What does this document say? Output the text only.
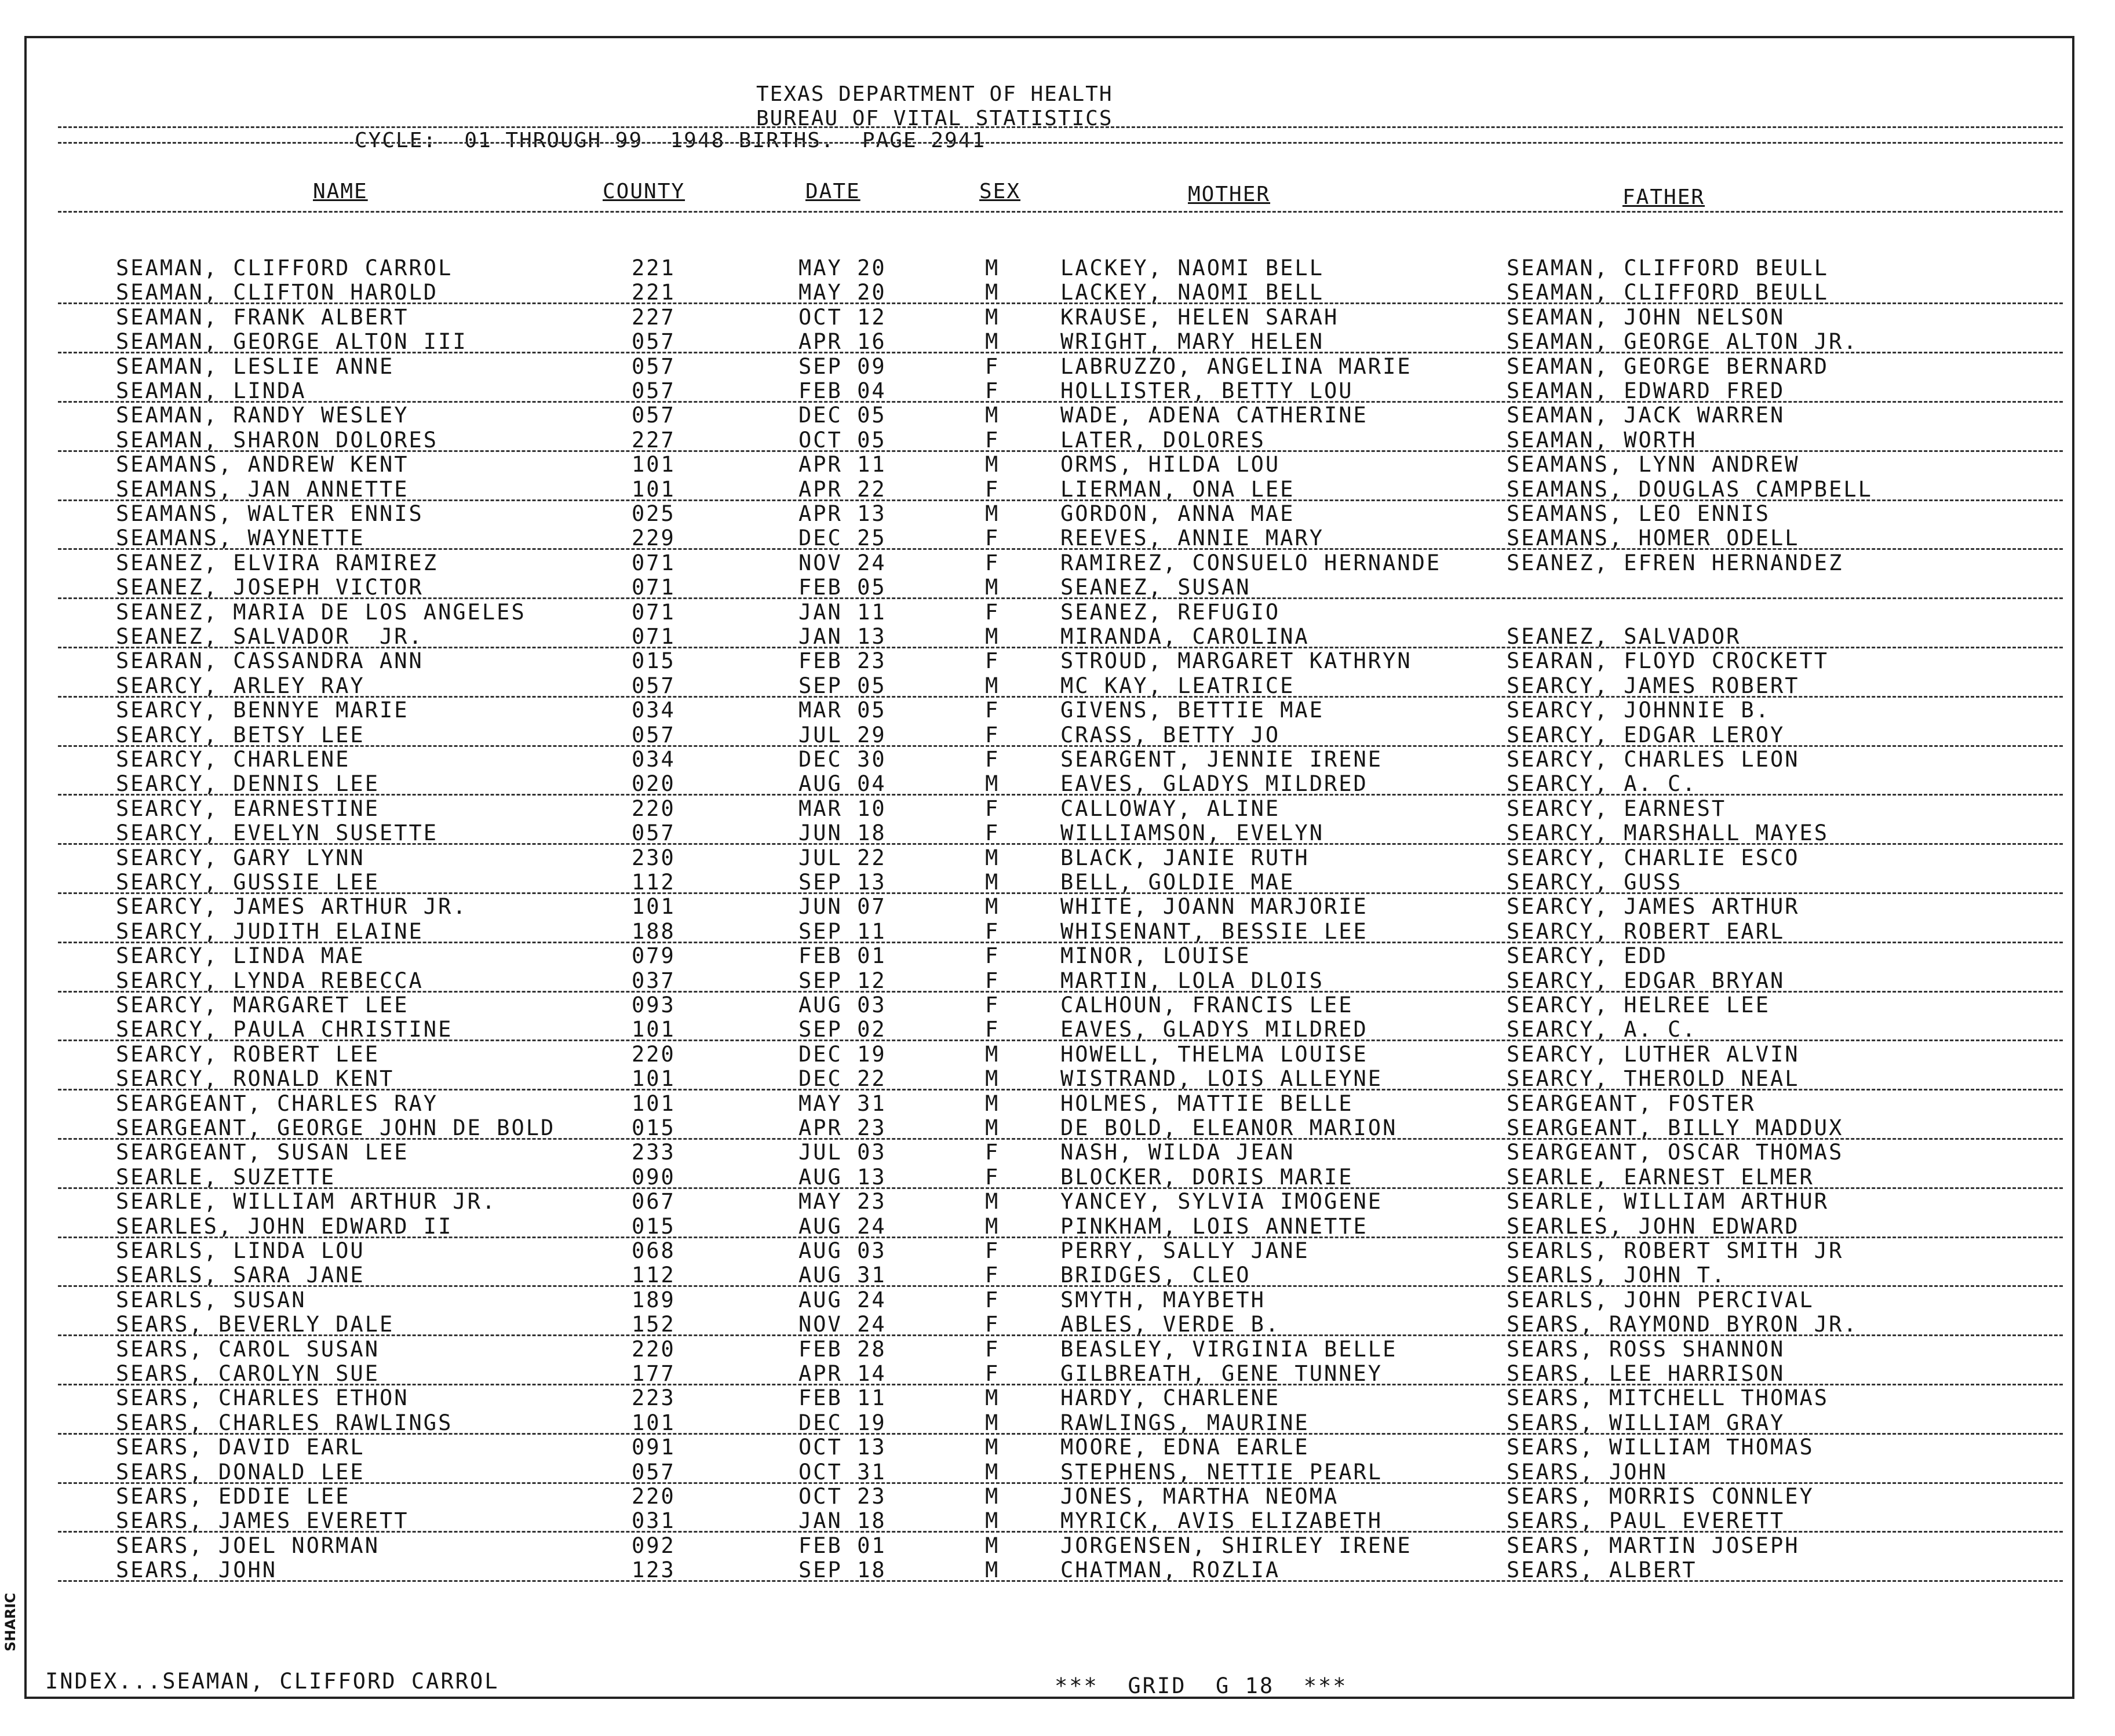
TEXAS DEPARTMENT OF HEALTH
BUREAU OF VITAL STATISTICS
CYCLE:  01 THROUGH 99  1948 BIRTHS.  PAGE 2941
NAME	COUNTY	DATE	SEX	MOTHER	FATHER
SEAMAN, CLIFFORD CARROL	221	MAY 20	M	LACKEY, NAOMI BELL	SEAMAN, CLIFFORD BEULL
SEAMAN, CLIFTON HAROLD	221	MAY 20	M	LACKEY, NAOMI BELL	SEAMAN, CLIFFORD BEULL
SEAMAN, FRANK ALBERT	227	OCT 12	M	KRAUSE, HELEN SARAH	SEAMAN, JOHN NELSON
SEAMAN, GEORGE ALTON III	057	APR 16	M	WRIGHT, MARY HELEN	SEAMAN, GEORGE ALTON JR.
SEAMAN, LESLIE ANNE	057	SEP 09	F	LABRUZZO, ANGELINA MARIE	SEAMAN, GEORGE BERNARD
SEAMAN, LINDA	057	FEB 04	F	HOLLISTER, BETTY LOU	SEAMAN, EDWARD FRED
SEAMAN, RANDY WESLEY	057	DEC 05	M	WADE, ADENA CATHERINE	SEAMAN, JACK WARREN
SEAMAN, SHARON DOLORES	227	OCT 05	F	LATER, DOLORES	SEAMAN, WORTH
SEAMANS, ANDREW KENT	101	APR 11	M	ORMS, HILDA LOU	SEAMANS, LYNN ANDREW
SEAMANS, JAN ANNETTE	101	APR 22	F	LIERMAN, ONA LEE	SEAMANS, DOUGLAS CAMPBELL
SEAMANS, WALTER ENNIS	025	APR 13	M	GORDON, ANNA MAE	SEAMANS, LEO ENNIS
SEAMANS, WAYNETTE	229	DEC 25	F	REEVES, ANNIE MARY	SEAMANS, HOMER ODELL
SEANEZ, ELVIRA RAMIREZ	071	NOV 24	F	RAMIREZ, CONSUELO HERNANDE	SEANEZ, EFREN HERNANDEZ
SEANEZ, JOSEPH VICTOR	071	FEB 05	M	SEANEZ, SUSAN
SEANEZ, MARIA DE LOS ANGELES	071	JAN 11	F	SEANEZ, REFUGIO
SEANEZ, SALVADOR  JR.	071	JAN 13	M	MIRANDA, CAROLINA	SEANEZ, SALVADOR
SEARAN, CASSANDRA ANN	015	FEB 23	F	STROUD, MARGARET KATHRYN	SEARAN, FLOYD CROCKETT
SEARCY, ARLEY RAY	057	SEP 05	M	MC KAY, LEATRICE	SEARCY, JAMES ROBERT
SEARCY, BENNYE MARIE	034	MAR 05	F	GIVENS, BETTIE MAE	SEARCY, JOHNNIE B.
SEARCY, BETSY LEE	057	JUL 29	F	CRASS, BETTY JO	SEARCY, EDGAR LEROY
SEARCY, CHARLENE	034	DEC 30	F	SEARGENT, JENNIE IRENE	SEARCY, CHARLES LEON
SEARCY, DENNIS LEE	020	AUG 04	M	EAVES, GLADYS MILDRED	SEARCY, A. C.
SEARCY, EARNESTINE	220	MAR 10	F	CALLOWAY, ALINE	SEARCY, EARNEST
SEARCY, EVELYN SUSETTE	057	JUN 18	F	WILLIAMSON, EVELYN	SEARCY, MARSHALL MAYES
SEARCY, GARY LYNN	230	JUL 22	M	BLACK, JANIE RUTH	SEARCY, CHARLIE ESCO
SEARCY, GUSSIE LEE	112	SEP 13	M	BELL, GOLDIE MAE	SEARCY, GUSS
SEARCY, JAMES ARTHUR JR.	101	JUN 07	M	WHITE, JOANN MARJORIE	SEARCY, JAMES ARTHUR
SEARCY, JUDITH ELAINE	188	SEP 11	F	WHISENANT, BESSIE LEE	SEARCY, ROBERT EARL
SEARCY, LINDA MAE	079	FEB 01	F	MINOR, LOUISE	SEARCY, EDD
SEARCY, LYNDA REBECCA	037	SEP 12	F	MARTIN, LOLA DLOIS	SEARCY, EDGAR BRYAN
SEARCY, MARGARET LEE	093	AUG 03	F	CALHOUN, FRANCIS LEE	SEARCY, HELREE LEE
SEARCY, PAULA CHRISTINE	101	SEP 02	F	EAVES, GLADYS MILDRED	SEARCY, A. C.
SEARCY, ROBERT LEE	220	DEC 19	M	HOWELL, THELMA LOUISE	SEARCY, LUTHER ALVIN
SEARCY, RONALD KENT	101	DEC 22	M	WISTRAND, LOIS ALLEYNE	SEARCY, THEROLD NEAL
SEARGEANT, CHARLES RAY	101	MAY 31	M	HOLMES, MATTIE BELLE	SEARGEANT, FOSTER
SEARGEANT, GEORGE JOHN DE BOLD	015	APR 23	M	DE BOLD, ELEANOR MARION	SEARGEANT, BILLY MADDUX
SEARGEANT, SUSAN LEE	233	JUL 03	F	NASH, WILDA JEAN	SEARGEANT, OSCAR THOMAS
SEARLE, SUZETTE	090	AUG 13	F	BLOCKER, DORIS MARIE	SEARLE, EARNEST ELMER
SEARLE, WILLIAM ARTHUR JR.	067	MAY 23	M	YANCEY, SYLVIA IMOGENE	SEARLE, WILLIAM ARTHUR
SEARLES, JOHN EDWARD II	015	AUG 24	M	PINKHAM, LOIS ANNETTE	SEARLES, JOHN EDWARD
SEARLS, LINDA LOU	068	AUG 03	F	PERRY, SALLY JANE	SEARLS, ROBERT SMITH JR
SEARLS, SARA JANE	112	AUG 31	F	BRIDGES, CLEO	SEARLS, JOHN T.
SEARLS, SUSAN	189	AUG 24	F	SMYTH, MAYBETH	SEARLS, JOHN PERCIVAL
SEARS, BEVERLY DALE	152	NOV 24	F	ABLES, VERDE B.	SEARS, RAYMOND BYRON JR.
SEARS, CAROL SUSAN	220	FEB 28	F	BEASLEY, VIRGINIA BELLE	SEARS, ROSS SHANNON
SEARS, CAROLYN SUE	177	APR 14	F	GILBREATH, GENE TUNNEY	SEARS, LEE HARRISON
SEARS, CHARLES ETHON	223	FEB 11	M	HARDY, CHARLENE	SEARS, MITCHELL THOMAS
SEARS, CHARLES RAWLINGS	101	DEC 19	M	RAWLINGS, MAURINE	SEARS, WILLIAM GRAY
SEARS, DAVID EARL	091	OCT 13	M	MOORE, EDNA EARLE	SEARS, WILLIAM THOMAS
SEARS, DONALD LEE	057	OCT 31	M	STEPHENS, NETTIE PEARL	SEARS, JOHN
SEARS, EDDIE LEE	220	OCT 23	M	JONES, MARTHA NEOMA	SEARS, MORRIS CONNLEY
SEARS, JAMES EVERETT	031	JAN 18	M	MYRICK, AVIS ELIZABETH	SEARS, PAUL EVERETT
SEARS, JOEL NORMAN	092	FEB 01	M	JORGENSEN, SHIRLEY IRENE	SEARS, MARTIN JOSEPH
SEARS, JOHN	123	SEP 18	M	CHATMAN, ROZLIA	SEARS, ALBERT
INDEX...SEAMAN, CLIFFORD CARROL	***  GRID  G 18  ***
SHARIC
